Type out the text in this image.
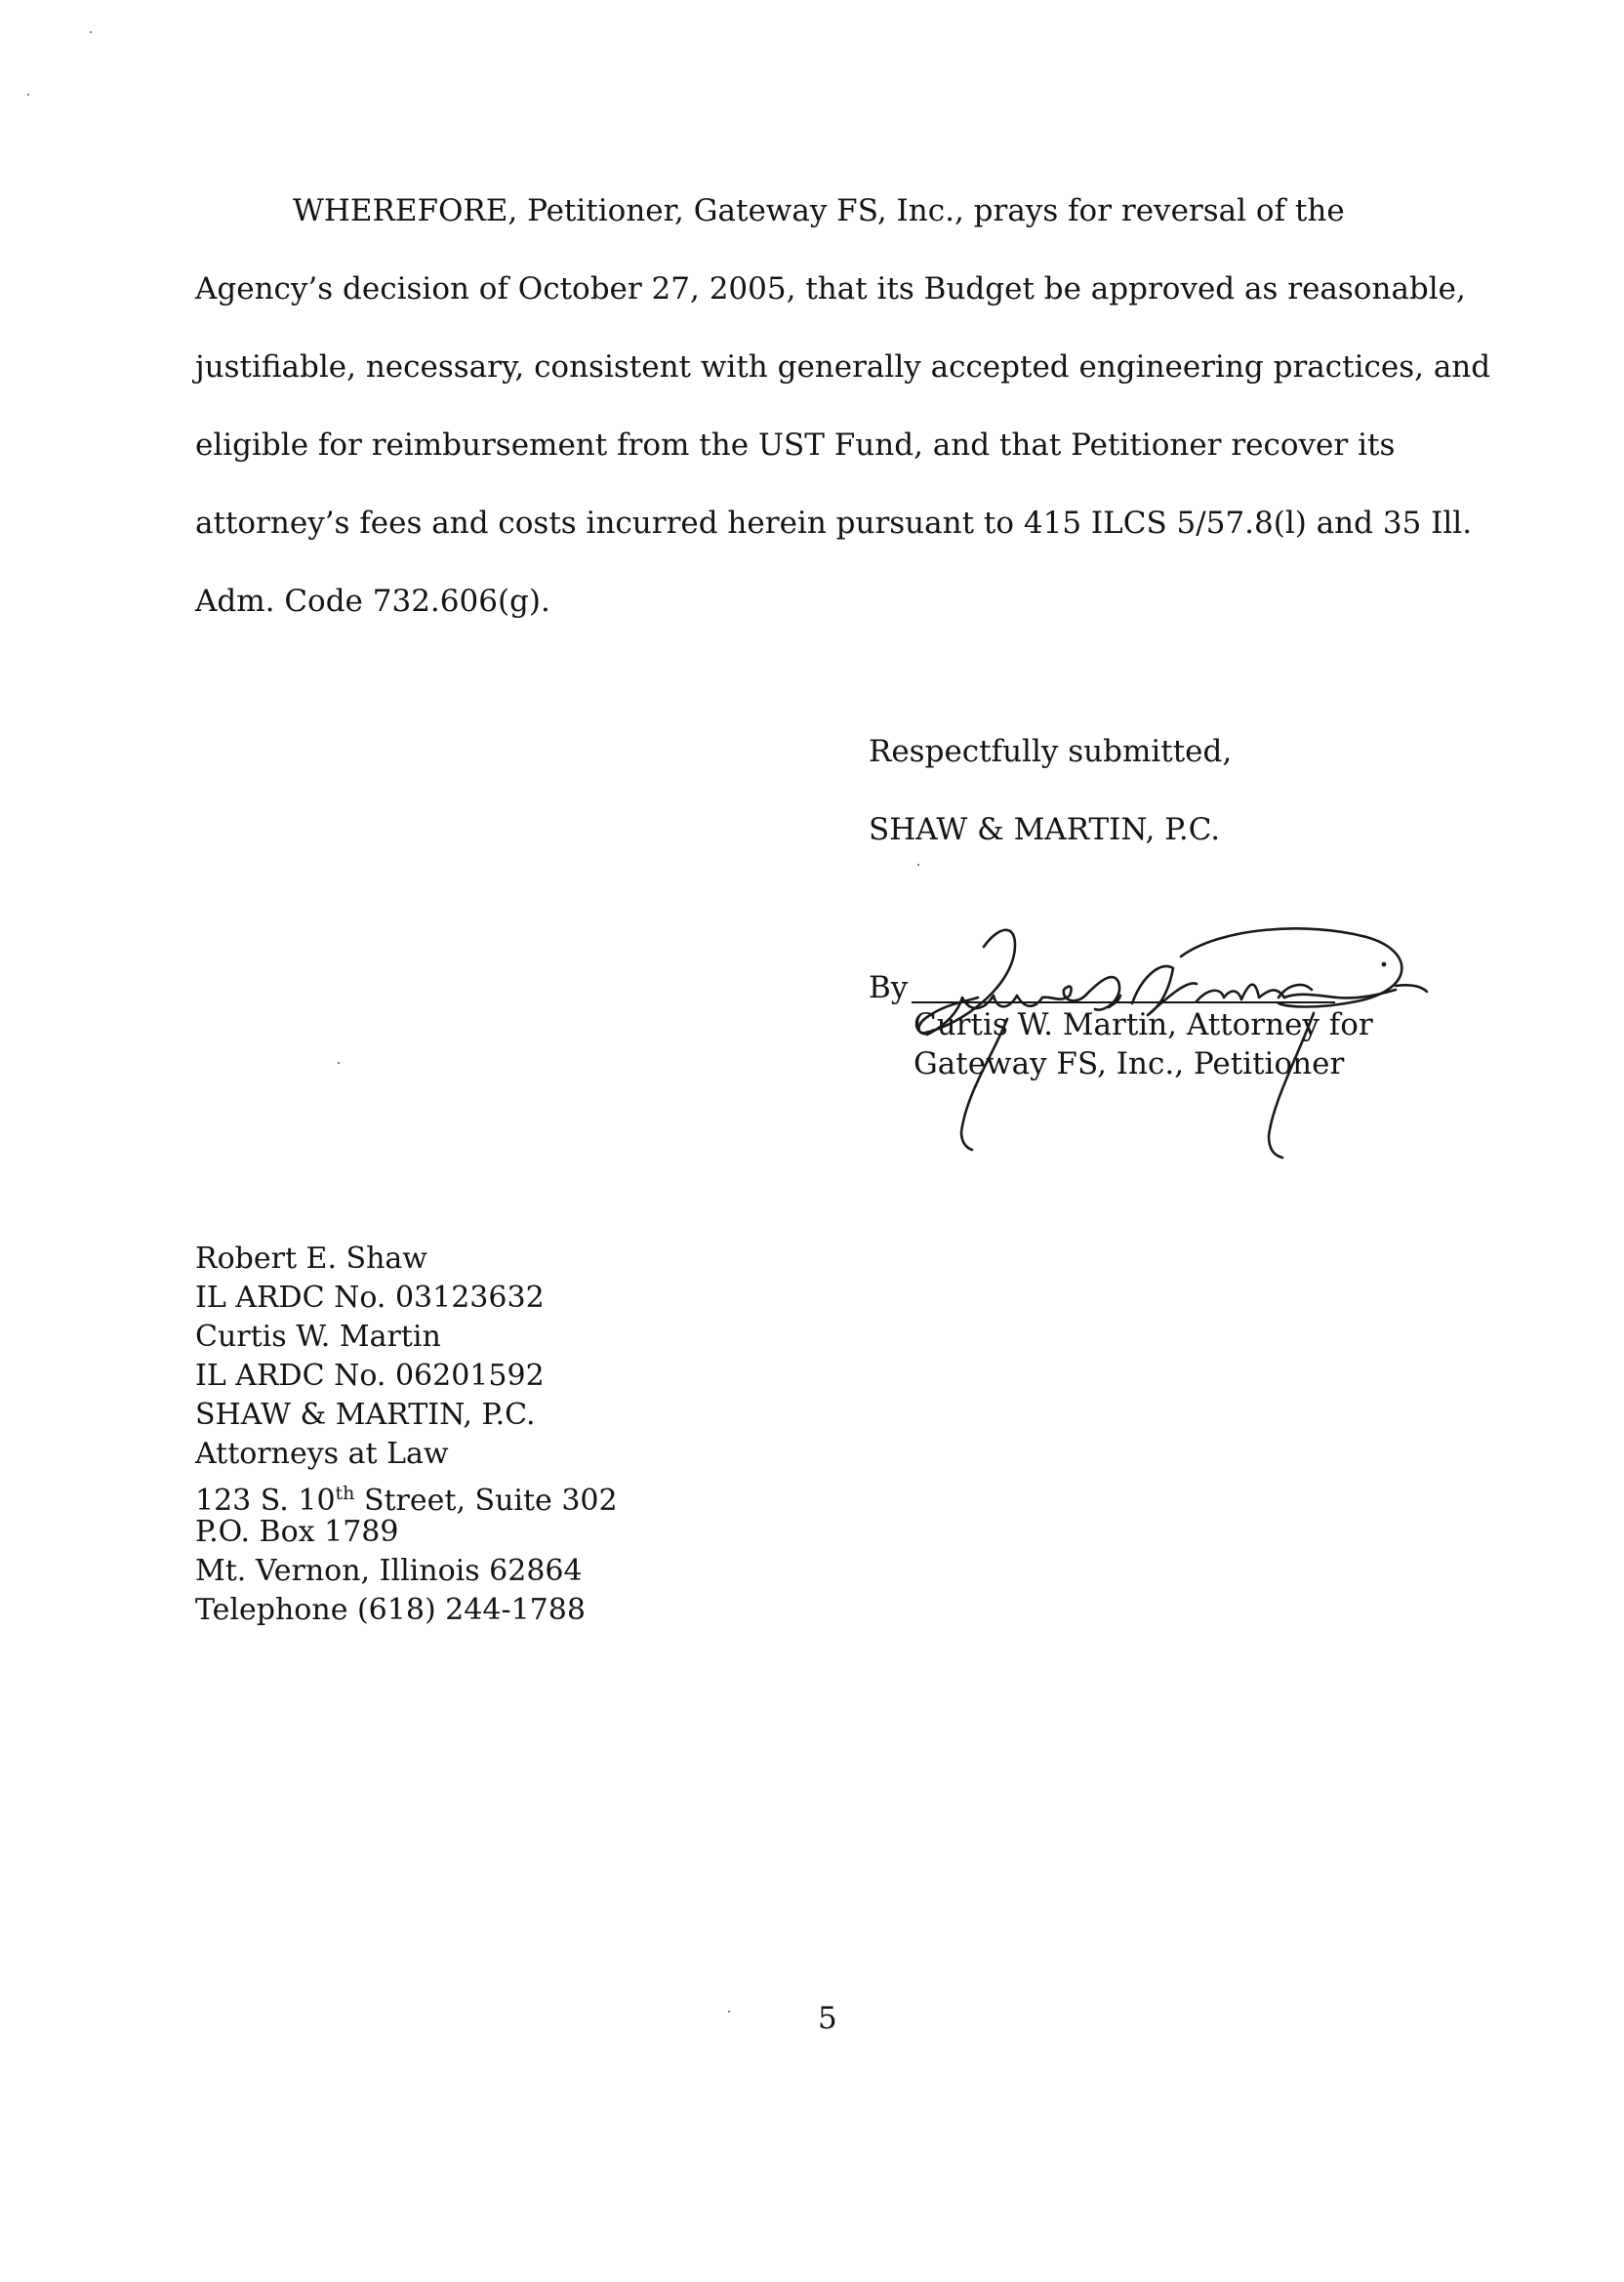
WHEREFORE, Petitioner, Gateway FS, Inc., prays for reversal of the
Agency’s decision of October 27, 2005, that its Budget be approved as reasonable,
justifiable, necessary, consistent with generally accepted engineering practices, and
eligible for reimbursement from the UST Fund, and that Petitioner recover its
attorney’s fees and costs incurred herein pursuant to 415 ILCS 5/57.8(l) and 35 Ill.
Adm. Code 732.606(g).
Respectfully submitted,
SHAW & MARTIN, P.C.
By
Curtis W. Martin, Attorney for
Gateway FS, Inc., Petitioner
Robert E. Shaw
IL ARDC No. 03123632
Curtis W. Martin
IL ARDC No. 06201592
SHAW & MARTIN, P.C.
Attorneys at Law
123 S. 10th Street, Suite 302
P.O. Box 1789
Mt. Vernon, Illinois 62864
Telephone (618) 244-1788
5
